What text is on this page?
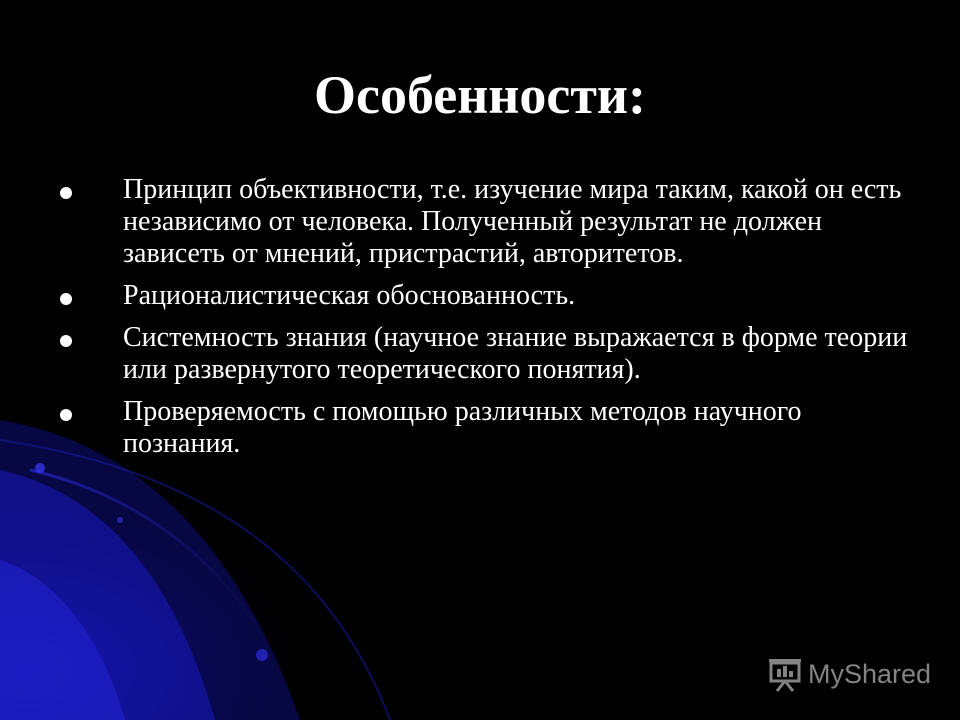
Особенности:
Принцип объективности, т.е. изучение мира таким, какой он есть независимо от человека. Полученный результат не должен зависеть от мнений, пристрастий, авторитетов.
Рационалистическая обоснованность.
Системность знания (научное знание выражается в форме теории или развернутого теоретического понятия).
Проверяемость с помощью различных методов научного познания.
MyShared
